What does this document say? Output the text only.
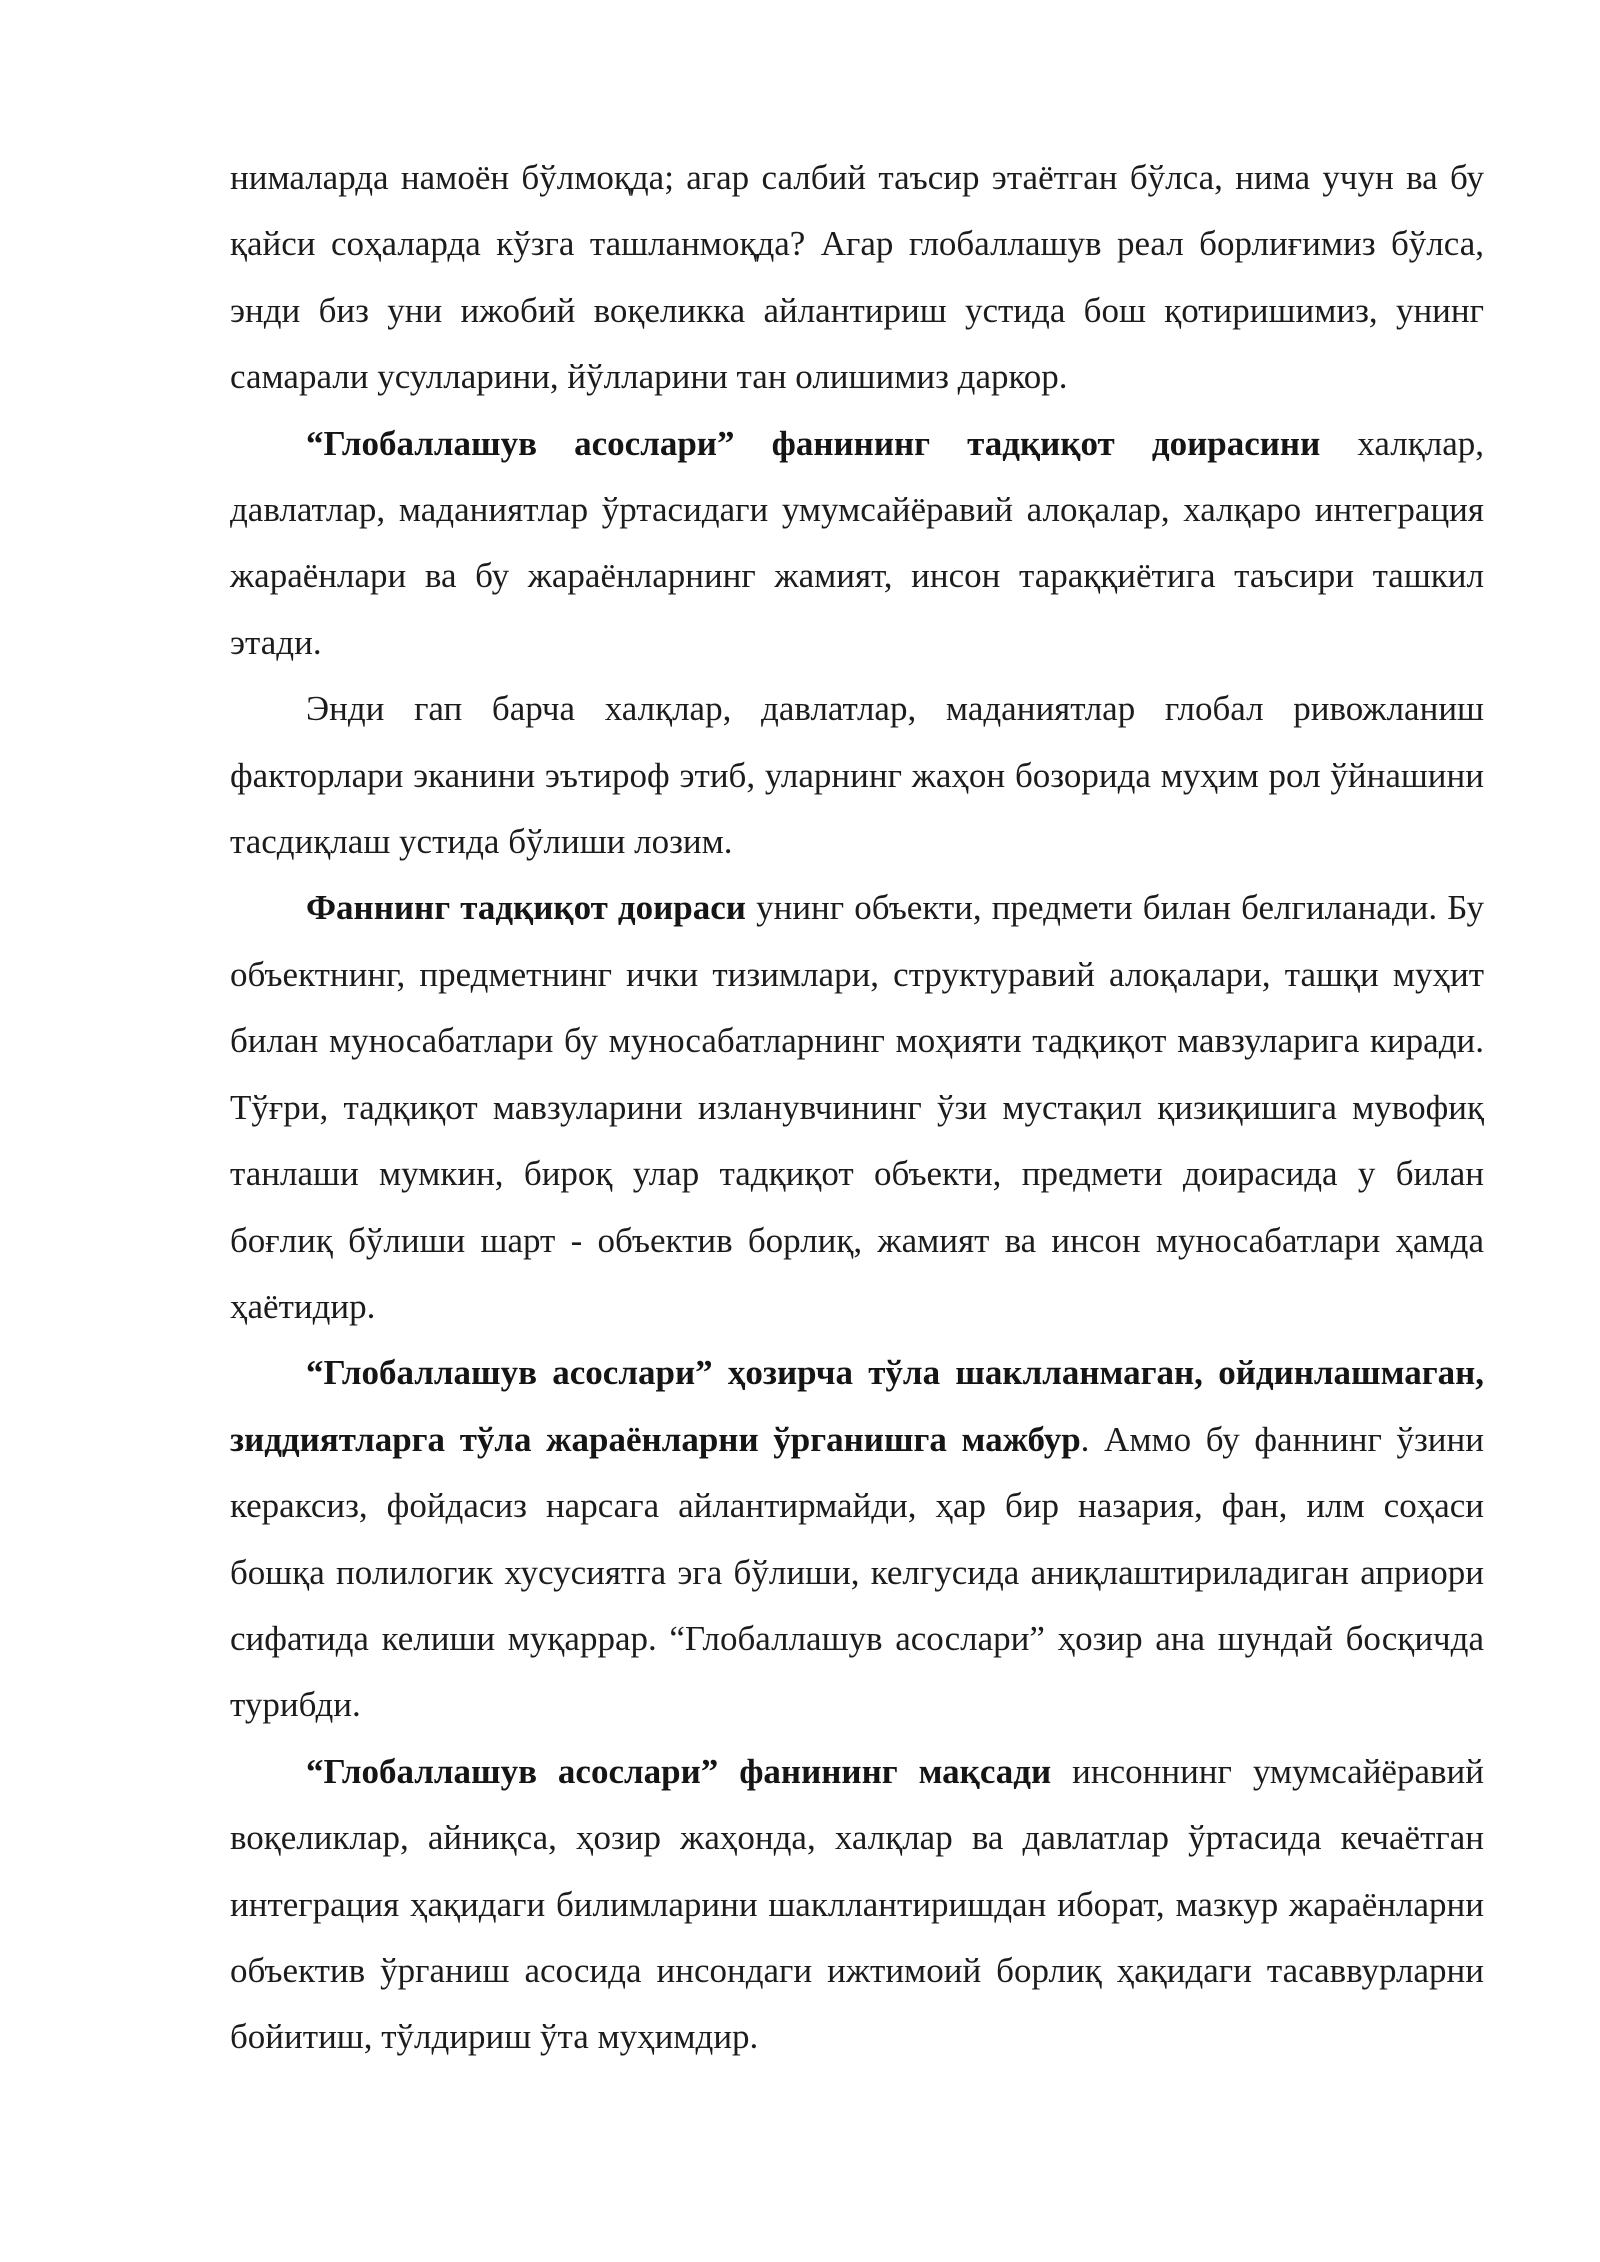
нималарда намоён бўлмоқда; агар салбий таъсир этаётган бўлса, нима учун ва бу қайси соҳаларда кўзга ташланмоқда? Агар глобаллашув реал борлиғимиз бўлса, энди биз уни ижобий воқеликка айлантириш устида бош қотиришимиз, унинг самарали усулларини, йўлларини тан олишимиз даркор.

“Глобаллашув асослари” фанининг тадқиқот доирасини халқлар, давлатлар, маданиятлар ўртасидаги умумсайёравий алоқалар, халқаро интеграция жараёнлари ва бу жараёнларнинг жамият, инсон тараққиётига таъсири ташкил этади.

Энди гап барча халқлар, давлатлар, маданиятлар глобал ривожланиш факторлари эканини эътироф этиб, уларнинг жаҳон бозорида муҳим рол ўйнашини тасдиқлаш устида бўлиши лозим.

Фаннинг тадқиқот доираси унинг объекти, предмети билан белгиланади. Бу объектнинг, предметнинг ички тизимлари, структуравий алоқалари, ташқи муҳит билан муносабатлари бу муносабатларнинг моҳияти тадқиқот мавзуларига киради. Тўғри, тадқиқот мавзуларини изланувчининг ўзи мустақил қизиқишига мувофиқ танлаши мумкин, бироқ улар тадқиқот объекти, предмети доирасида у билан боғлиқ бўлиши шарт - объектив борлиқ, жамият ва инсон муносабатлари ҳамда ҳаётидир.

“Глобаллашув асослари” ҳозирча тўла шаклланмаган, ойдинлашмаган, зиддиятларга тўла жараёнларни ўрганишга мажбур. Аммо бу фаннинг ўзини кераксиз, фойдасиз нарсага айлантирмайди, ҳар бир назария, фан, илм соҳаси бошқа полилогик хусусиятга эга бўлиши, келгусида аниқлаштириладиган априори сифатида келиши муқаррар. “Глобаллашув асослари” ҳозир ана шундай босқичда турибди.

“Глобаллашув асослари” фанининг мақсади инсоннинг умумсайёравий воқеликлар, айниқса, ҳозир жаҳонда, халқлар ва давлатлар ўртасида кечаётган интеграция ҳақидаги билимларини шакллантиришдан иборат, мазкур жараёнларни объектив ўрганиш асосида инсондаги ижтимоий борлиқ ҳақидаги тасаввурларни бойитиш, тўлдириш ўта муҳимдир.
